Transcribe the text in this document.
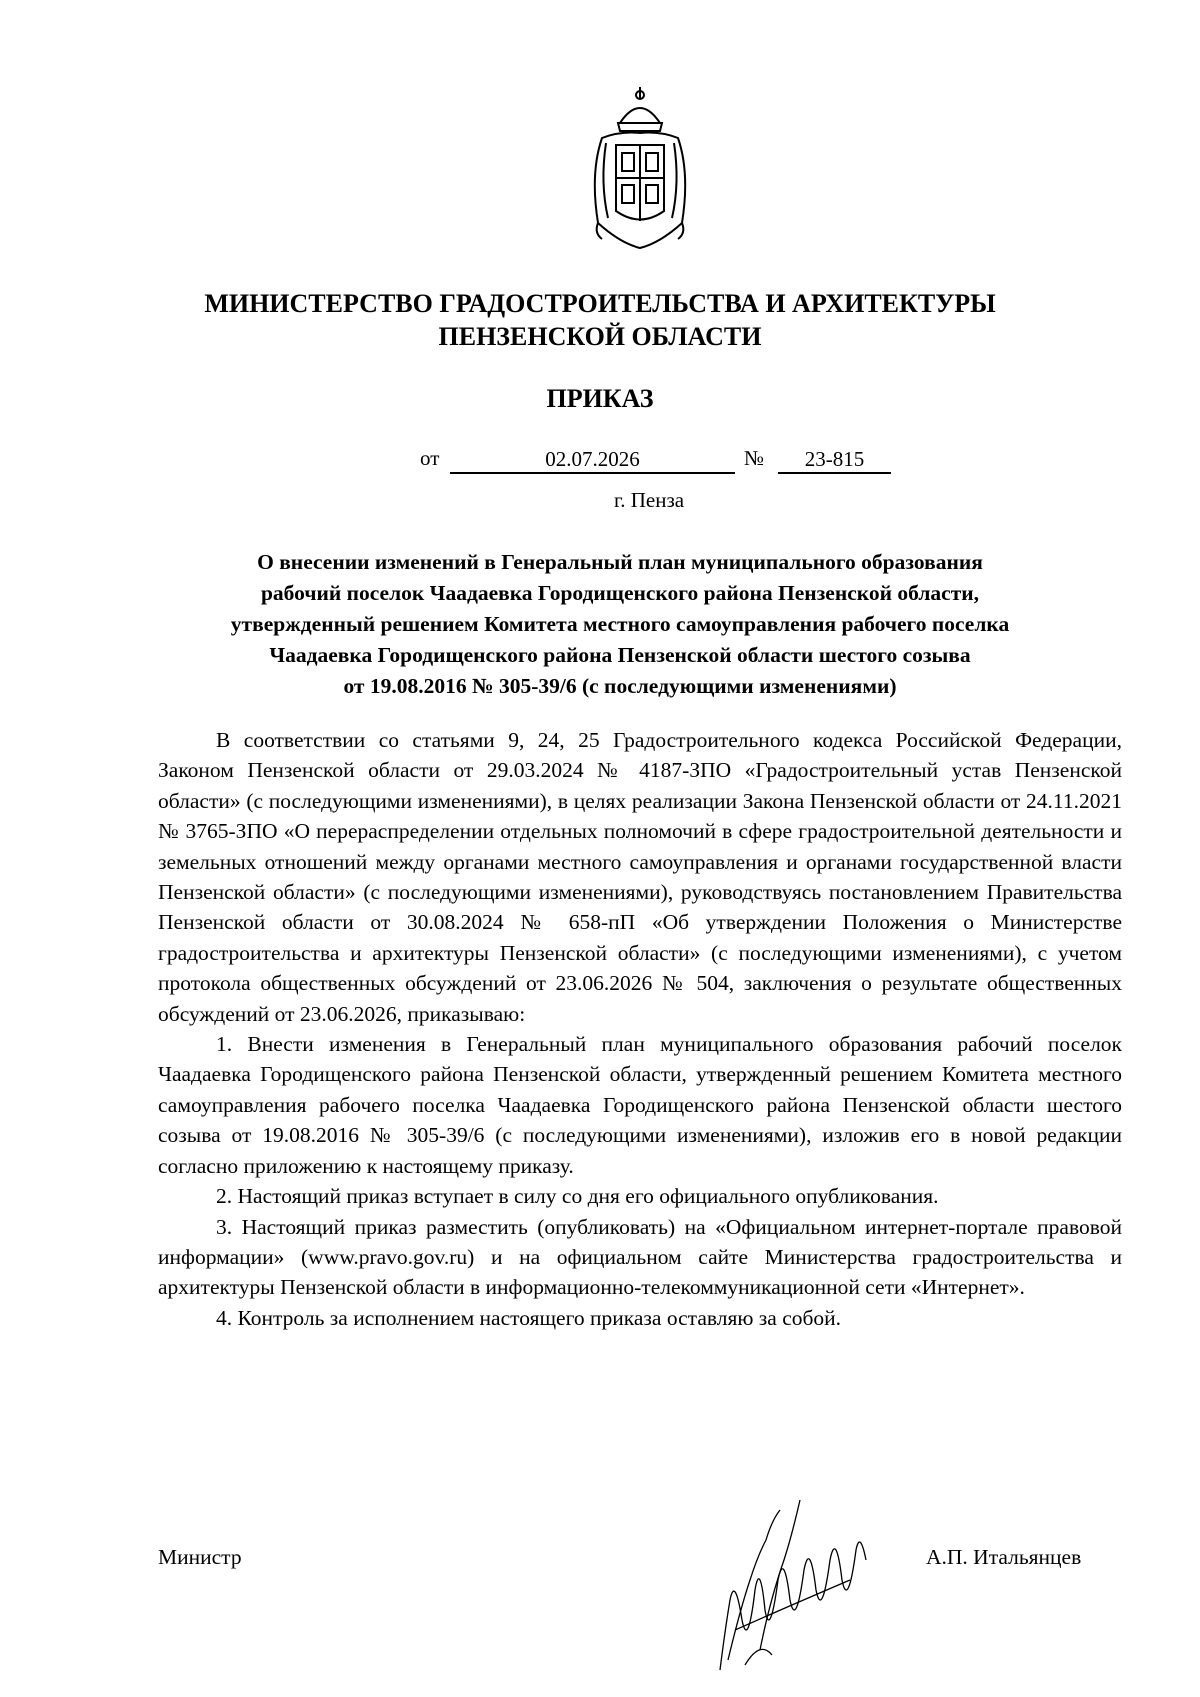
МИНИСТЕРСТВО ГРАДОСТРОИТЕЛЬСТВА И АРХИТЕКТУРЫ
ПЕНЗЕНСКОЙ ОБЛАСТИ
ПРИКАЗ
от	02.07.2026	№	23-815
г. Пенза
О внесении изменений в Генеральный план муниципального образования
рабочий поселок Чаадаевка Городищенского района Пензенской области,
утвержденный решением Комитета местного самоуправления рабочего поселка
Чаадаевка Городищенского района Пензенской области шестого созыва
от 19.08.2016 № 305-39/6 (с последующими изменениями)

В соответствии со статьями 9, 24, 25 Градостроительного кодекса Российской Федерации, Законом Пензенской области от 29.03.2024 № 4187-ЗПО «Градостроительный устав Пензенской области» (с последующими изменениями), в целях реализации Закона Пензенской области от 24.11.2021 № 3765-ЗПО «О перераспределении отдельных полномочий в сфере градостроительной деятельности и земельных отношений между органами местного самоуправления и органами государственной власти Пензенской области» (с последующими изменениями), руководствуясь постановлением Правительства Пензенской области от 30.08.2024 № 658-пП «Об утверждении Положения о Министерстве градостроительства и архитектуры Пензенской области» (с последующими изменениями), с учетом протокола общественных обсуждений от 23.06.2026 № 504, заключения о результате общественных обсуждений от 23.06.2026, приказываю:

1. Внести изменения в Генеральный план муниципального образования рабочий поселок Чаадаевка Городищенского района Пензенской области, утвержденный решением Комитета местного самоуправления рабочего поселка Чаадаевка Городищенского района Пензенской области шестого созыва от 19.08.2016 № 305-39/6 (с последующими изменениями), изложив его в новой редакции согласно приложению к настоящему приказу.

2. Настоящий приказ вступает в силу со дня его официального опубликования.

3. Настоящий приказ разместить (опубликовать) на «Официальном интернет-портале правовой информации» (www.pravo.gov.ru) и на официальном сайте Министерства градостроительства и архитектуры Пензенской области в информационно-телекоммуникационной сети «Интернет».

4. Контроль за исполнением настоящего приказа оставляю за собой.

Министр	А.П. Итальянцев
